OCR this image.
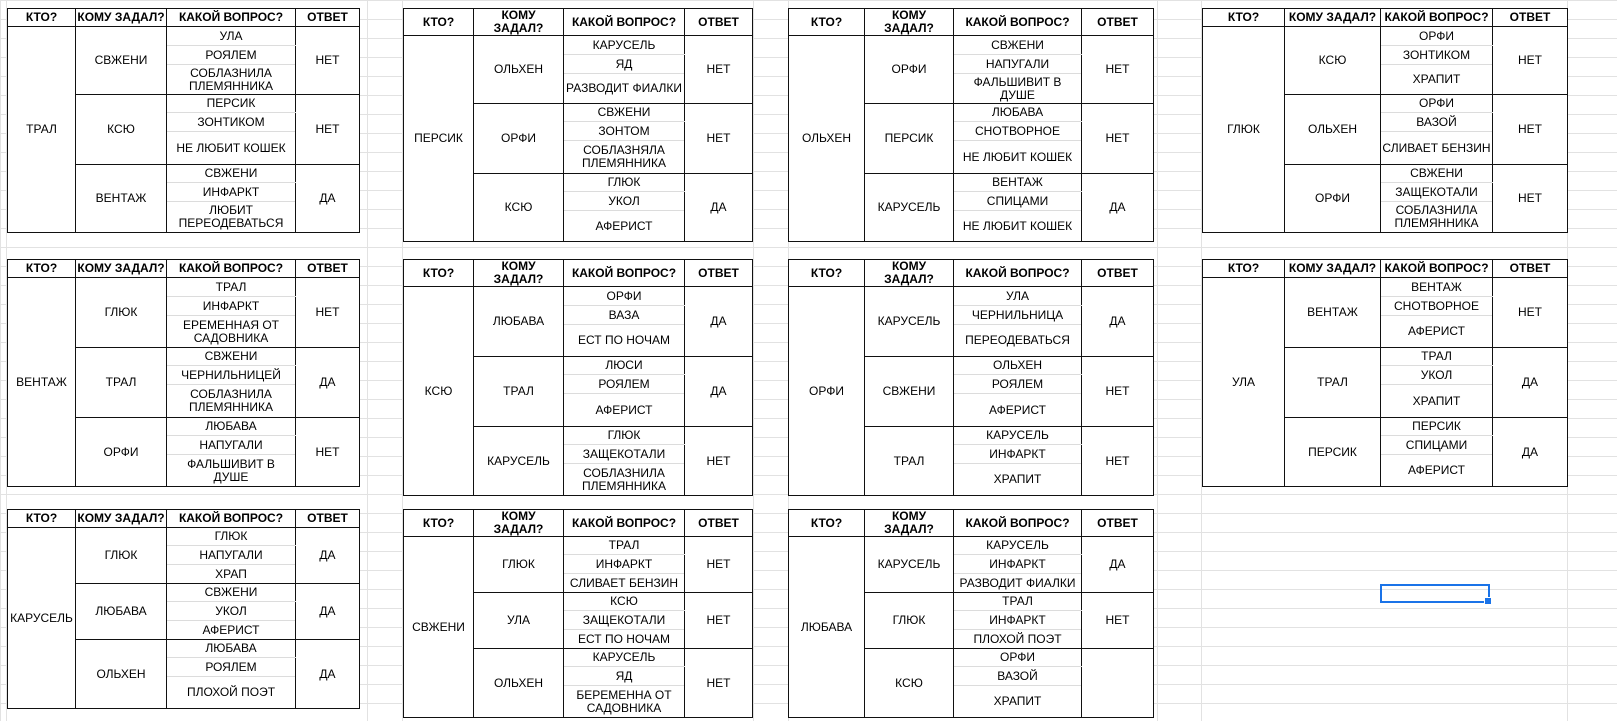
КТО?	КОМУ ЗАДАЛ?	КАКОЙ ВОПРОС?	ОТВЕТ
ТРАЛ	СВЖЕНИ	УЛА	НЕТ
		РОЯЛЕМ	
		СОБЛАЗНИЛА ПЛЕМЯННИКА	
	КСЮ	ПЕРСИК	НЕТ
		ЗОНТИКОМ	
		НЕ ЛЮБИТ КОШЕК	
	ВЕНТАЖ	СВЖЕНИ	ДА
		ИНФАРКТ	
		ЛЮБИТ ПЕРЕОДЕВАТЬСЯ	
КТО?	КОМУ ЗАДАЛ?	КАКОЙ ВОПРОС?	ОТВЕТ
ПЕРСИК	ОЛЬХЕН	КАРУСЕЛЬ	НЕТ
		ЯД	
		РАЗВОДИТ ФИАЛКИ	
	ОРФИ	СВЖЕНИ	НЕТ
		ЗОНТОМ	
		СОБЛАЗНЯЛА ПЛЕМЯННИКА	
	КСЮ	ГЛЮК	ДА
		УКОЛ	
		АФЕРИСТ	
КТО?	КОМУ ЗАДАЛ?	КАКОЙ ВОПРОС?	ОТВЕТ
ОЛЬХЕН	ОРФИ	СВЖЕНИ	НЕТ
		НАПУГАЛИ	
		ФАЛЬШИВИТ В ДУШЕ	
	ПЕРСИК	ЛЮБАВА	НЕТ
		СНОТВОРНОЕ	
		НЕ ЛЮБИТ КОШЕК	
	КАРУСЕЛЬ	ВЕНТАЖ	ДА
		СПИЦАМИ	
		НЕ ЛЮБИТ КОШЕК	
КТО?	КОМУ ЗАДАЛ?	КАКОЙ ВОПРОС?	ОТВЕТ
ГЛЮК	КСЮ	ОРФИ	НЕТ
		ЗОНТИКОМ	
		ХРАПИТ	
	ОЛЬХЕН	ОРФИ	НЕТ
		ВАЗОЙ	
		СЛИВАЕТ БЕНЗИН	
	ОРФИ	СВЖЕНИ	НЕТ
		ЗАЩЕКОТАЛИ	
		СОБЛАЗНИЛА ПЛЕМЯННИКА	
КТО?	КОМУ ЗАДАЛ?	КАКОЙ ВОПРОС?	ОТВЕТ
ВЕНТАЖ	ГЛЮК	ТРАЛ	НЕТ
		ИНФАРКТ	
		ЕРЕМЕННАЯ ОТ САДОВНИКА	
	ТРАЛ	СВЖЕНИ	ДА
		ЧЕРНИЛЬНИЦЕЙ	
		СОБЛАЗНИЛА ПЛЕМЯННИКА	
	ОРФИ	ЛЮБАВА	НЕТ
		НАПУГАЛИ	
		ФАЛЬШИВИТ В ДУШЕ	
КТО?	КОМУ ЗАДАЛ?	КАКОЙ ВОПРОС?	ОТВЕТ
КСЮ	ЛЮБАВА	ОРФИ	ДА
		ВАЗА	
		ЕСТ ПО НОЧАМ	
	ТРАЛ	ЛЮСИ	ДА
		РОЯЛЕМ	
		АФЕРИСТ	
	КАРУСЕЛЬ	ГЛЮК	НЕТ
		ЗАЩЕКОТАЛИ	
		СОБЛАЗНИЛА ПЛЕМЯННИКА	
КТО?	КОМУ ЗАДАЛ?	КАКОЙ ВОПРОС?	ОТВЕТ
ОРФИ	КАРУСЕЛЬ	УЛА	ДА
		ЧЕРНИЛЬНИЦА	
		ПЕРЕОДЕВАТЬСЯ	
	СВЖЕНИ	ОЛЬХЕН	НЕТ
		РОЯЛЕМ	
		АФЕРИСТ	
	ТРАЛ	КАРУСЕЛЬ	НЕТ
		ИНФАРКТ	
		ХРАПИТ	
КТО?	КОМУ ЗАДАЛ?	КАКОЙ ВОПРОС?	ОТВЕТ
УЛА	ВЕНТАЖ	ВЕНТАЖ	НЕТ
		СНОТВОРНОЕ	
		АФЕРИСТ	
	ТРАЛ	ТРАЛ	ДА
		УКОЛ	
		ХРАПИТ	
	ПЕРСИК	ПЕРСИК	ДА
		СПИЦАМИ	
		АФЕРИСТ	
КТО?	КОМУ ЗАДАЛ?	КАКОЙ ВОПРОС?	ОТВЕТ
КАРУСЕЛЬ	ГЛЮК	ГЛЮК	ДА
		НАПУГАЛИ	
		ХРАП	
	ЛЮБАВА	СВЖЕНИ	ДА
		УКОЛ	
		АФЕРИСТ	
	ОЛЬХЕН	ЛЮБАВА	ДА
		РОЯЛЕМ	
		ПЛОХОЙ ПОЭТ	
КТО?	КОМУ ЗАДАЛ?	КАКОЙ ВОПРОС?	ОТВЕТ
СВЖЕНИ	ГЛЮК	ТРАЛ	НЕТ
		ИНФАРКТ	
		СЛИВАЕТ БЕНЗИН	
	УЛА	КСЮ	НЕТ
		ЗАЩЕКОТАЛИ	
		ЕСТ ПО НОЧАМ	
	ОЛЬХЕН	КАРУСЕЛЬ	НЕТ
		ЯД	
		БЕРЕМЕННА ОТ САДОВНИКА	
КТО?	КОМУ ЗАДАЛ?	КАКОЙ ВОПРОС?	ОТВЕТ
ЛЮБАВА	КАРУСЕЛЬ	КАРУСЕЛЬ	ДА
		ИНФАРКТ	
		РАЗВОДИТ ФИАЛКИ	
	ГЛЮК	ТРАЛ	НЕТ
		ИНФАРКТ	
		ПЛОХОЙ ПОЭТ	
	КСЮ	ОРФИ	
		ВАЗОЙ	
		ХРАПИТ	
